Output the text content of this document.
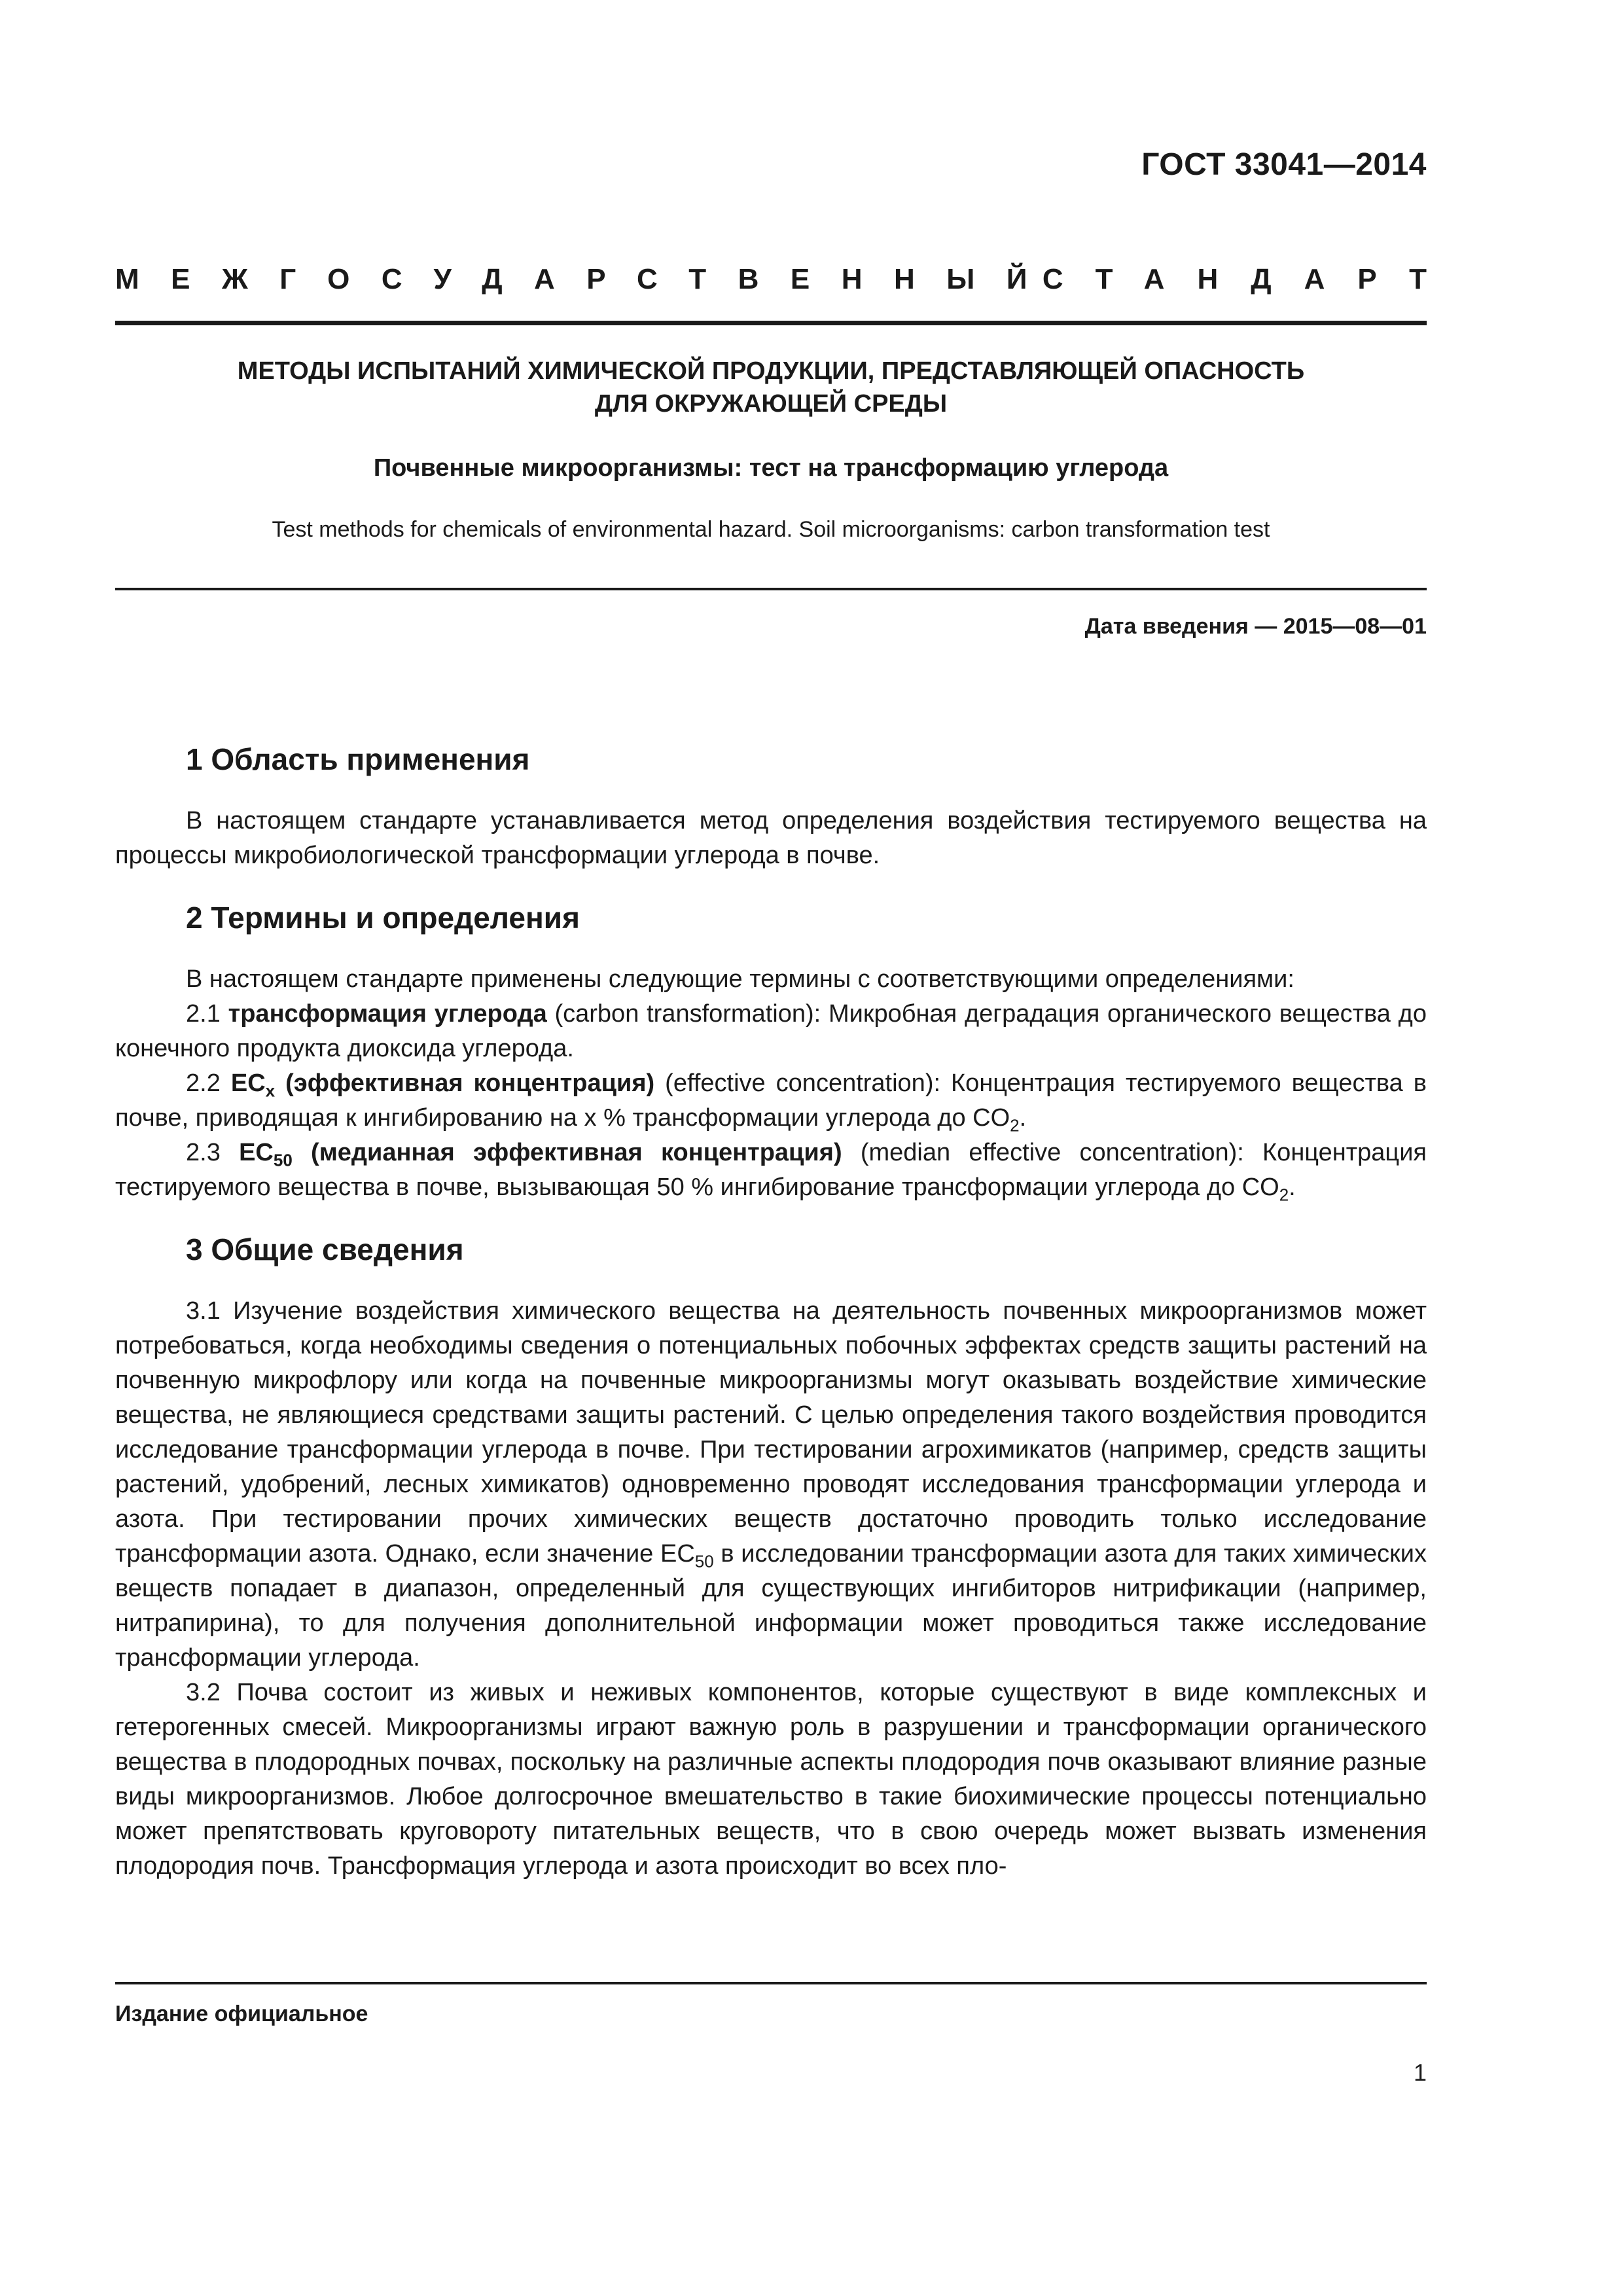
ГОСТ 33041—2014
МЕЖГОСУДАРСТВЕННЫЙ
СТАНДАРТ
МЕТОДЫ ИСПЫТАНИЙ ХИМИЧЕСКОЙ ПРОДУКЦИИ, ПРЕДСТАВЛЯЮЩЕЙ ОПАСНОСТЬ
ДЛЯ ОКРУЖАЮЩЕЙ СРЕДЫ
Почвенные микроорганизмы: тест на трансформацию углерода
Test methods for chemicals of environmental hazard. Soil microorganisms: carbon transformation test
Дата введения — 2015—08—01
1 Область применения

В настоящем стандарте устанавливается метод определения воздействия тестируемого вещества на процессы микробиологической трансформации углерода в почве.

2 Термины и определения

В настоящем стандарте применены следующие термины с соответствующими определениями:

2.1 трансформация углерода (carbon transformation): Микробная деградация органического вещества до конечного продукта диоксида углерода.

2.2 $EC_x$ (эффективная концентрация) (effective concentration): Концентрация тестируемого вещества в почве, приводящая к ингибированию на x % трансформации углерода до $CO_2$.

2.3 $EC_{50}$ (медианная эффективная концентрация) (median effective concentration): Концентрация тестируемого вещества в почве, вызывающая 50 % ингибирование трансформации углерода до $CO_2$.

3 Общие сведения

3.1 Изучение воздействия химического вещества на деятельность почвенных микроорганизмов может потребоваться, когда необходимы сведения о потенциальных побочных эффектах средств защиты растений на почвенную микрофлору или когда на почвенные микроорганизмы могут оказывать воздействие химические вещества, не являющиеся средствами защиты растений. С целью определения такого воздействия проводится исследование трансформации углерода в почве. При тестировании агрохимикатов (например, средств защиты растений, удобрений, лесных химикатов) одновременно проводят исследования трансформации углерода и азота. При тестировании прочих химических веществ достаточно проводить только исследование трансформации азота. Однако, если значение $EC_{50}$ в исследовании трансформации азота для таких химических веществ попадает в диапазон, определенный для существующих ингибиторов нитрификации (например, нитрапирина), то для получения дополнительной информации может проводиться также исследование трансформации углерода.

3.2 Почва состоит из живых и неживых компонентов, которые существуют в виде комплексных и гетерогенных смесей. Микроорганизмы играют важную роль в разрушении и трансформации органического вещества в плодородных почвах, поскольку на различные аспекты плодородия почв оказывают влияние разные виды микроорганизмов. Любое долгосрочное вмешательство в такие биохимические процессы потенциально может препятствовать круговороту питательных веществ, что в свою очередь может вызвать изменения плодородия почв. Трансформация углерода и азота происходит во всех пло-

Издание официальное
1
